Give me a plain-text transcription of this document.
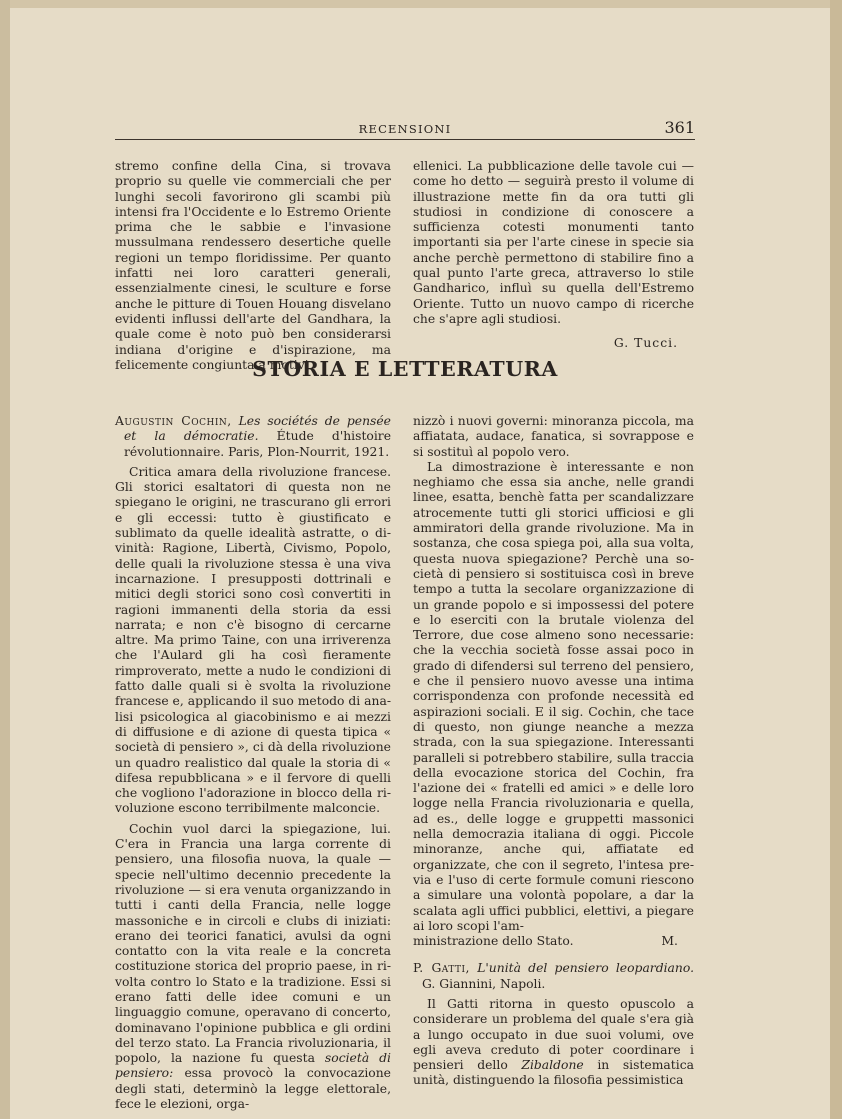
RECENSIONI	361

stremo confine della Cina, si trovava proprio su quelle vie commerciali che per lunghi secoli favorirono gli scambi più intensi fra l'Occidente e lo Estremo Oriente prima che le sabbie e l'invasione mussulmana rendessero desertiche quelle regioni un tempo floridissime. Per quanto infatti nei loro caratteri generali, essenzialmente cinesi, le sculture e forse anche le pitture di Touen Houang disvelano evidenti influssi dell'arte del Gandhara, la quale come è noto può ben considerarsi indiana d'origine e d'ispirazione, ma felicemente congiunta a motivi

ellenici. La pubblicazione delle tavole cui — come ho detto — seguirà presto il volume di illustrazione mette fin da ora tutti gli studiosi in condizione di conoscere a sufficienza cotesti monumenti tanto importanti sia per l'arte cinese in specie sia anche perchè permettono di stabilire fino a qual punto l'arte greca, attraverso lo stile Gandharico, influì su quella dell'Estremo Oriente. Tutto un nuovo campo di ricerche che s'apre agli studiosi.

G. Tucci.
STORIA E LETTERATURA

Augustin Cochin, Les sociétés de pensée et la démocratie. Étude d'histoire révolutionnaire. Paris, Plon-Nourrit, 1921.

Critica amara della rivoluzione francese. Gli storici esaltatori di questa non ne spiegano le origini, ne trascurano gli errori e gli eccessi: tutto è giustificato e sublimato da quelle idealità astratte, o divinità: Ragione, Libertà, Civismo, Popolo, delle quali la rivoluzione stessa è una viva incarnazione. I presupposti dottrinali e mitici degli storici sono così convertiti in ragioni immanenti della storia da essi narrata; e non c'è bisogno di cercarne altre. Ma primo Taine, con una irriverenza che l'Aulard gli ha così fieramente rimproverato, mette a nudo le condizioni di fatto dalle quali si è svolta la rivoluzione francese e, applicando il suo metodo di analisi psicologica al giacobinismo e ai mezzi di diffusione e di azione di questa tipica « società di pensiero », ci dà della rivoluzione un quadro realistico dal quale la storia di « difesa repubblicana » e il fervore di quelli che vogliono l'adorazione in blocco della rivoluzione escono terribilmente malconcie.

Cochin vuol darci la spiegazione, lui. C'era in Francia una larga corrente di pensiero, una filosofia nuova, la quale — specie nell'ultimo decennio precedente la rivoluzione — si era venuta organizzando in tutti i canti della Francia, nelle logge massoniche e in circoli e clubs di iniziati: erano dei teorici fanatici, avulsi da ogni contatto con la vita reale e la concreta costituzione storica del proprio paese, in rivolta contro lo Stato e la tradizione. Essi si erano fatti delle idee comuni e un linguaggio comune, operavano di concerto, dominavano l'opinione pubblica e gli ordini del terzo stato. La Francia rivoluzionaria, il popolo, la nazione fu questa società di pensiero: essa provocò la convocazione degli stati, determinò la legge elettorale, fece le elezioni, orga-

nizzò i nuovi governi: minoranza piccola, ma affiatata, audace, fanatica, si sovrappose e si sostituì al popolo vero.

La dimostrazione è interessante e non neghiamo che essa sia anche, nelle grandi linee, esatta, benchè fatta per scandalizzare atrocemente tutti gli storici ufficiosi e gli ammiratori della grande rivoluzione. Ma in sostanza, che cosa spiega poi, alla sua volta, questa nuova spiegazione? Perchè una società di pensiero si sostituisca così in breve tempo a tutta la secolare organizzazione di un grande popolo e si impossessi del potere e lo eserciti con la brutale violenza del Terrore, due cose almeno sono necessarie: che la vecchia società fosse assai poco in grado di difendersi sul terreno del pensiero, e che il pensiero nuovo avesse una intima corrispondenza con profonde necessità ed aspirazioni sociali. E il sig. Cochin, che tace di questo, non giunge neanche a mezza strada, con la sua spiegazione. Interessanti paralleli si potrebbero stabilire, sulla traccia della evocazione storica del Cochin, fra l'azione dei « fratelli ed amici » e delle loro logge nella Francia rivoluzionaria e quella, ad es., delle logge e gruppetti massonici nella democrazia italiana di oggi. Piccole minoranze, anche qui, affiatate ed organizzate, che con il segreto, l'intesa previa e l'uso di certe formule comuni riescono a simulare una volontà popolare, a dar la scalata agli uffici pubblici, elettivi, a piegare ai loro scopi l'am-

ministrazione dello Stato.	M.

P. Gatti, L'unità del pensiero leopardiano. G. Giannini, Napoli.

Il Gatti ritorna in questo opuscolo a considerare un problema del quale s'era già a lungo occupato in due suoi volumi, ove egli aveva creduto di poter coordinare i pensieri dello Zibaldone in sistematica unità, distinguendo la filosofia pessimistica
